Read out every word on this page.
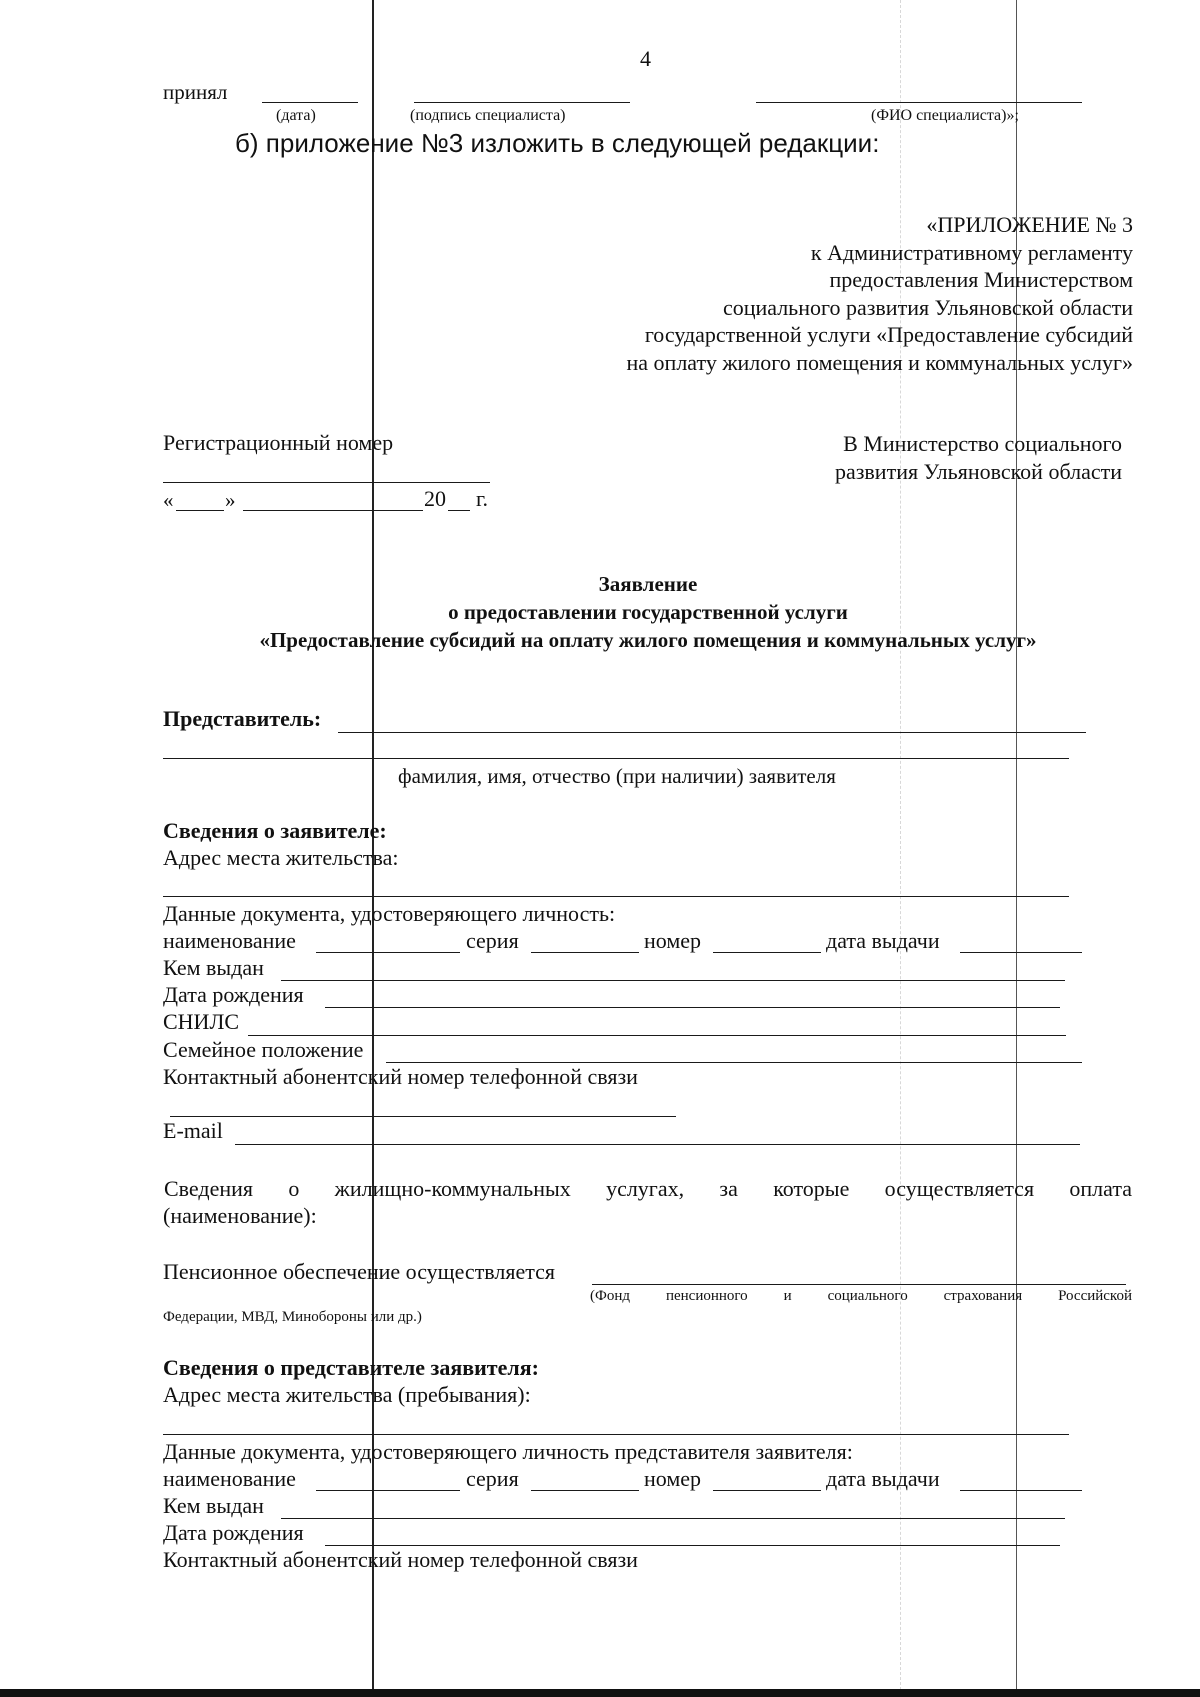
4
принял
(дата)	(подпись специалиста)	(ФИО специалиста)»;
б) приложение №3 изложить в следующей редакции:
«ПРИЛОЖЕНИЕ № 3
к Административному регламенту
предоставления Министерством
социального развития Ульяновской области
государственной услуги «Предоставление субсидий
на оплату жилого помещения и коммунальных услуг»
Регистрационный номер
« »	20 г.
В Министерство социального
развития Ульяновской области
Заявление
о предоставлении государственной услуги
«Предоставление субсидий на оплату жилого помещения и коммунальных услуг»
Представитель:
фамилия, имя, отчество (при наличии) заявителя
Сведения о заявителе:
Адрес места жительства:
Данные документа, удостоверяющего личность:
наименование	серия	номер	дата выдачи
Кем выдан
Дата рождения
СНИЛС
Семейное положение
Контактный абонентский номер телефонной связи
E-mail
Сведения о жилищно-коммунальных услугах, за которые осуществляется оплата
(наименование):
Пенсионное обеспечение осуществляется
(Фонд пенсионного и социального страхования Российской
Федерации, МВД, Минобороны или др.)
Сведения о представителе заявителя:
Адрес места жительства (пребывания):
Данные документа, удостоверяющего личность представителя заявителя:
наименование	серия	номер	дата выдачи
Кем выдан
Дата рождения
Контактный абонентский номер телефонной связи
